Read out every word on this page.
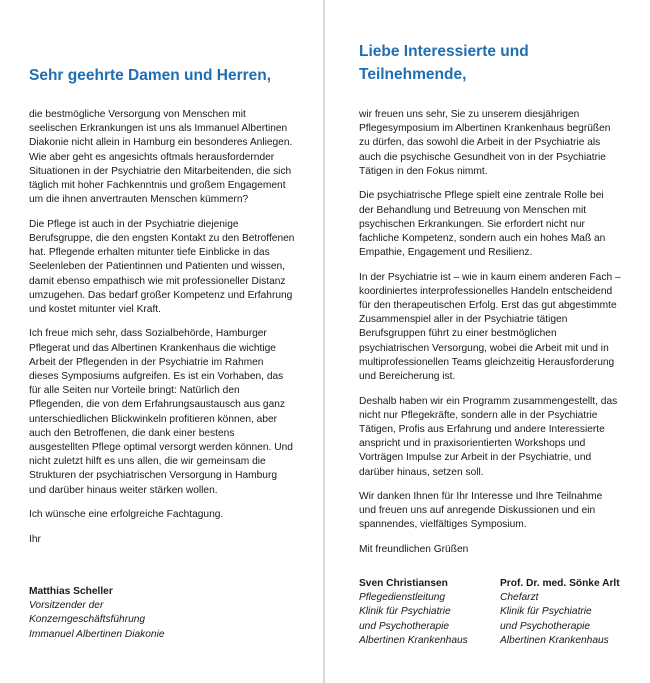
Sehr geehrte Damen und Herren,

die bestmögliche Versorgung von Menschen mit seelischen Erkrankungen ist uns als Immanuel Albertinen Diakonie nicht allein in Hamburg ein besonderes Anliegen. Wie aber geht es angesichts oftmals herausfordernder Situationen in der Psychiatrie den Mitarbeitenden, die sich täglich mit hoher Fachkenntnis und großem Engagement um die ihnen anvertrauten Menschen kümmern?

Die Pflege ist auch in der Psychiatrie diejenige Berufsgruppe, die den engsten Kontakt zu den Betroffenen hat. Pflegende erhalten mitunter tiefe Einblicke in das Seelenleben der Patientinnen und Patienten und wissen, damit ebenso empathisch wie mit professioneller Distanz umzugehen. Das bedarf großer Kompetenz und Erfahrung und kostet mitunter viel Kraft.

Ich freue mich sehr, dass Sozialbehörde, Hamburger Pflegerat und das Albertinen Krankenhaus die wichtige Arbeit der Pflegenden in der Psychiatrie im Rahmen dieses Symposiums aufgreifen. Es ist ein Vorhaben, das für alle Seiten nur Vorteile bringt: Natürlich den Pflegenden, die von dem Erfahrungsaustausch aus ganz unterschiedlichen Blickwinkeln profitieren können, aber auch den Betroffenen, die dank einer bestens ausgestellten Pflege optimal versorgt werden können. Und nicht zuletzt hilft es uns allen, die wir gemeinsam die Strukturen der psychiatrischen Versorgung in Hamburg und darüber hinaus weiter stärken wollen.

Ich wünsche eine erfolgreiche Fachtagung.

Ihr

Matthias Scheller

Vorsitzender der

Konzerngeschäftsführung

Immanuel Albertinen Diakonie

Liebe Interessierte und
Teilnehmende,

wir freuen uns sehr, Sie zu unserem diesjährigen Pflegesymposium im Albertinen Krankenhaus begrüßen zu dürfen, das sowohl die Arbeit in der Psychiatrie als auch die psychische Gesundheit von in der Psychiatrie Tätigen in den Fokus nimmt.

Die psychiatrische Pflege spielt eine zentrale Rolle bei der Behandlung und Betreuung von Menschen mit psychischen Erkrankungen. Sie erfordert nicht nur fachliche Kompetenz, sondern auch ein hohes Maß an Empathie, Engagement und Resilienz.

In der Psychiatrie ist – wie in kaum einem anderen Fach – koordiniertes interprofessionelles Handeln entscheidend für den therapeutischen Erfolg. Erst das gut abgestimmte Zusammenspiel aller in der Psychiatrie tätigen Berufsgruppen führt zu einer bestmöglichen psychiatrischen Versorgung, wobei die Arbeit mit und in multiprofessionellen Teams gleichzeitig Herausforderung und Bereicherung ist.

Deshalb haben wir ein Programm zusammengestellt, das nicht nur Pflegekräfte, sondern alle in der Psychiatrie Tätigen, Profis aus Erfahrung und andere Interessierte anspricht und in praxisorientierten Workshops und Vorträgen Impulse zur Arbeit in der Psychiatrie, und darüber hinaus, setzen soll.

Wir danken Ihnen für Ihr Interesse und Ihre Teilnahme und freuen uns auf anregende Diskussionen und ein spannendes, vielfältiges Symposium.

Mit freundlichen Grüßen

Sven Christiansen

Pflegedienstleitung

Klinik für Psychiatrie

und Psychotherapie

Albertinen Krankenhaus

Prof. Dr. med. Sönke Arlt

Chefarzt

Klinik für Psychiatrie

und Psychotherapie

Albertinen Krankenhaus
